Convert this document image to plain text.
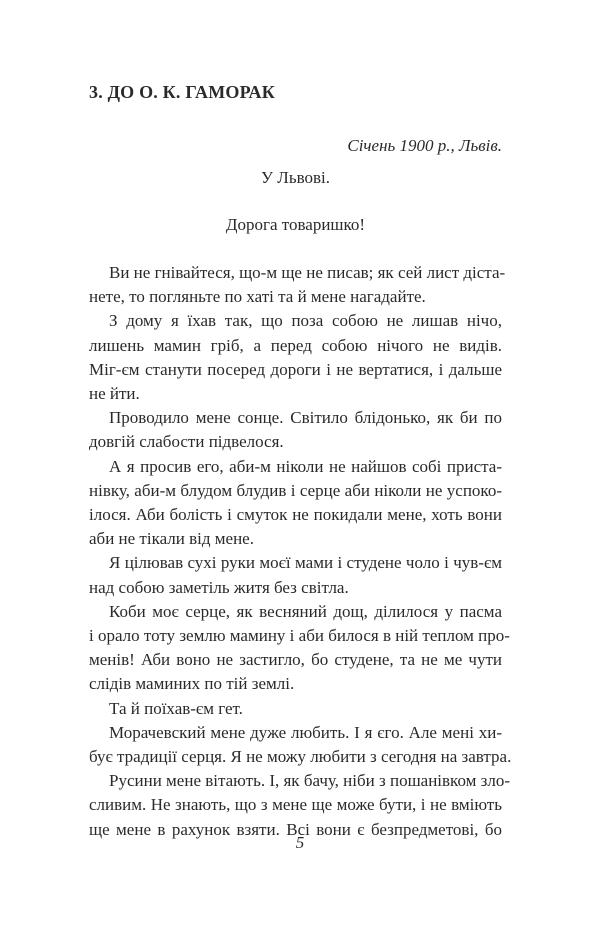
3. ДО О. К. ГАМОРАК
Січень 1900 р., Львів.
У Львові.
Дорога товаришко!
Ви не гнівайтеся, що-м ще не писав; як сей лист діста-
нете, то погляньте по хаті та й мене нагадайте.
З дому я їхав так, що поза собою не лишав нічо,
лишень мамин гріб, а перед собою нічого не видів.
Міг-єм станути посеред дороги і не вертатися, і дальше
не йти.
Проводило мене сонце. Світило блідонько, як би по
довгій слабости підвелося.
А я просив его, аби-м ніколи не найшов собі приста-
нівку, аби-м блудом блудив і серце аби ніколи не успоко-
ілося. Аби болість і смуток не покидали мене, хоть вони
аби не тікали від мене.
Я цілював сухі руки моєї мами і студене чоло і чув-єм
над собою заметіль житя без світла.
Коби моє серце, як весняний дощ, ділилося у пасма
і орало тоту землю мамину і аби билося в ній теплом про-
менів! Аби воно не застигло, бо студене, та не ме чути
слідів маминих по тій землі.
Та й поїхав-єм гет.
Морачевский мене дуже любить. І я єго. Але мені хи-
бує традиції серця. Я не можу любити з сегодня на завтра.
Русини мене вітають. І, як бачу, ніби з пошанівком зло-
сливим. Не знають, що з мене ще може бути, і не вміють
ще мене в рахунок взяти. Всі вони є безпредметові, бо
5
